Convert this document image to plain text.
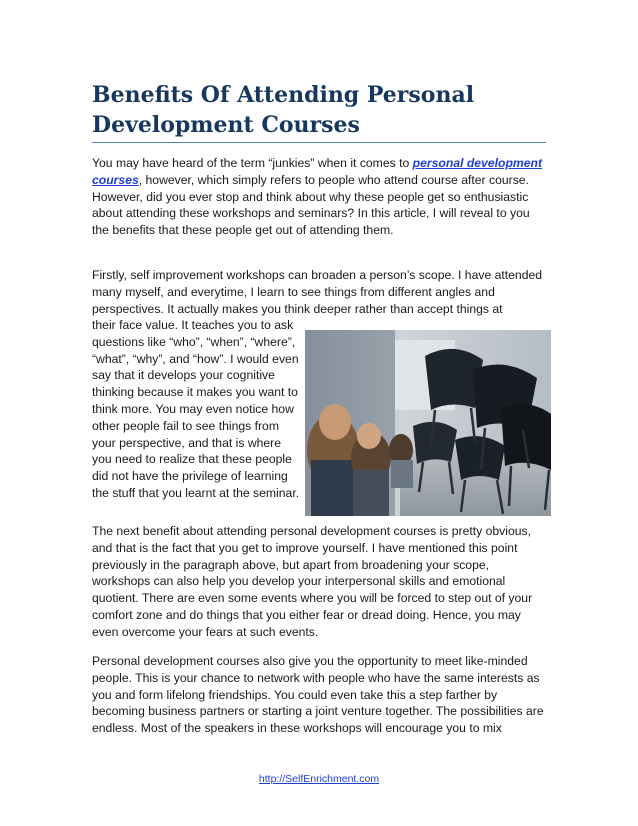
Benefits Of Attending Personal
Development Courses

You may have heard of the term “junkies” when it comes to personal development courses, however, which simply refers to people who attend course after course. However, did you ever stop and think about why these people get so enthusiastic about attending these workshops and seminars? In this article, I will reveal to you the benefits that these people get out of attending them.

Firstly, self improvement workshops can broaden a person’s scope. I have attended many myself, and everytime, I learn to see things from different angles and perspectives. It actually makes you think deeper rather than accept things at

their face value. It teaches you to ask questions like “who”, “when”, “where”, “what”, “why”, and “how”. I would even say that it develops your cognitive thinking because it makes you want to think more. You may even notice how other people fail to see things from your perspective, and that is where you need to realize that these people did not have the privilege of learning the stuff that you learnt at the seminar.

The next benefit about attending personal development courses is pretty obvious, and that is the fact that you get to improve yourself. I have mentioned this point previously in the paragraph above, but apart from broadening your scope, workshops can also help you develop your interpersonal skills and emotional quotient. There are even some events where you will be forced to step out of your comfort zone and do things that you either fear or dread doing. Hence, you may even overcome your fears at such events.

Personal development courses also give you the opportunity to meet like-minded people. This is your chance to network with people who have the same interests as you and form lifelong friendships. You could even take this a step farther by becoming business partners or starting a joint venture together. The possibilities are endless. Most of the speakers in these workshops will encourage you to mix

http://SelfEnrichment.com
